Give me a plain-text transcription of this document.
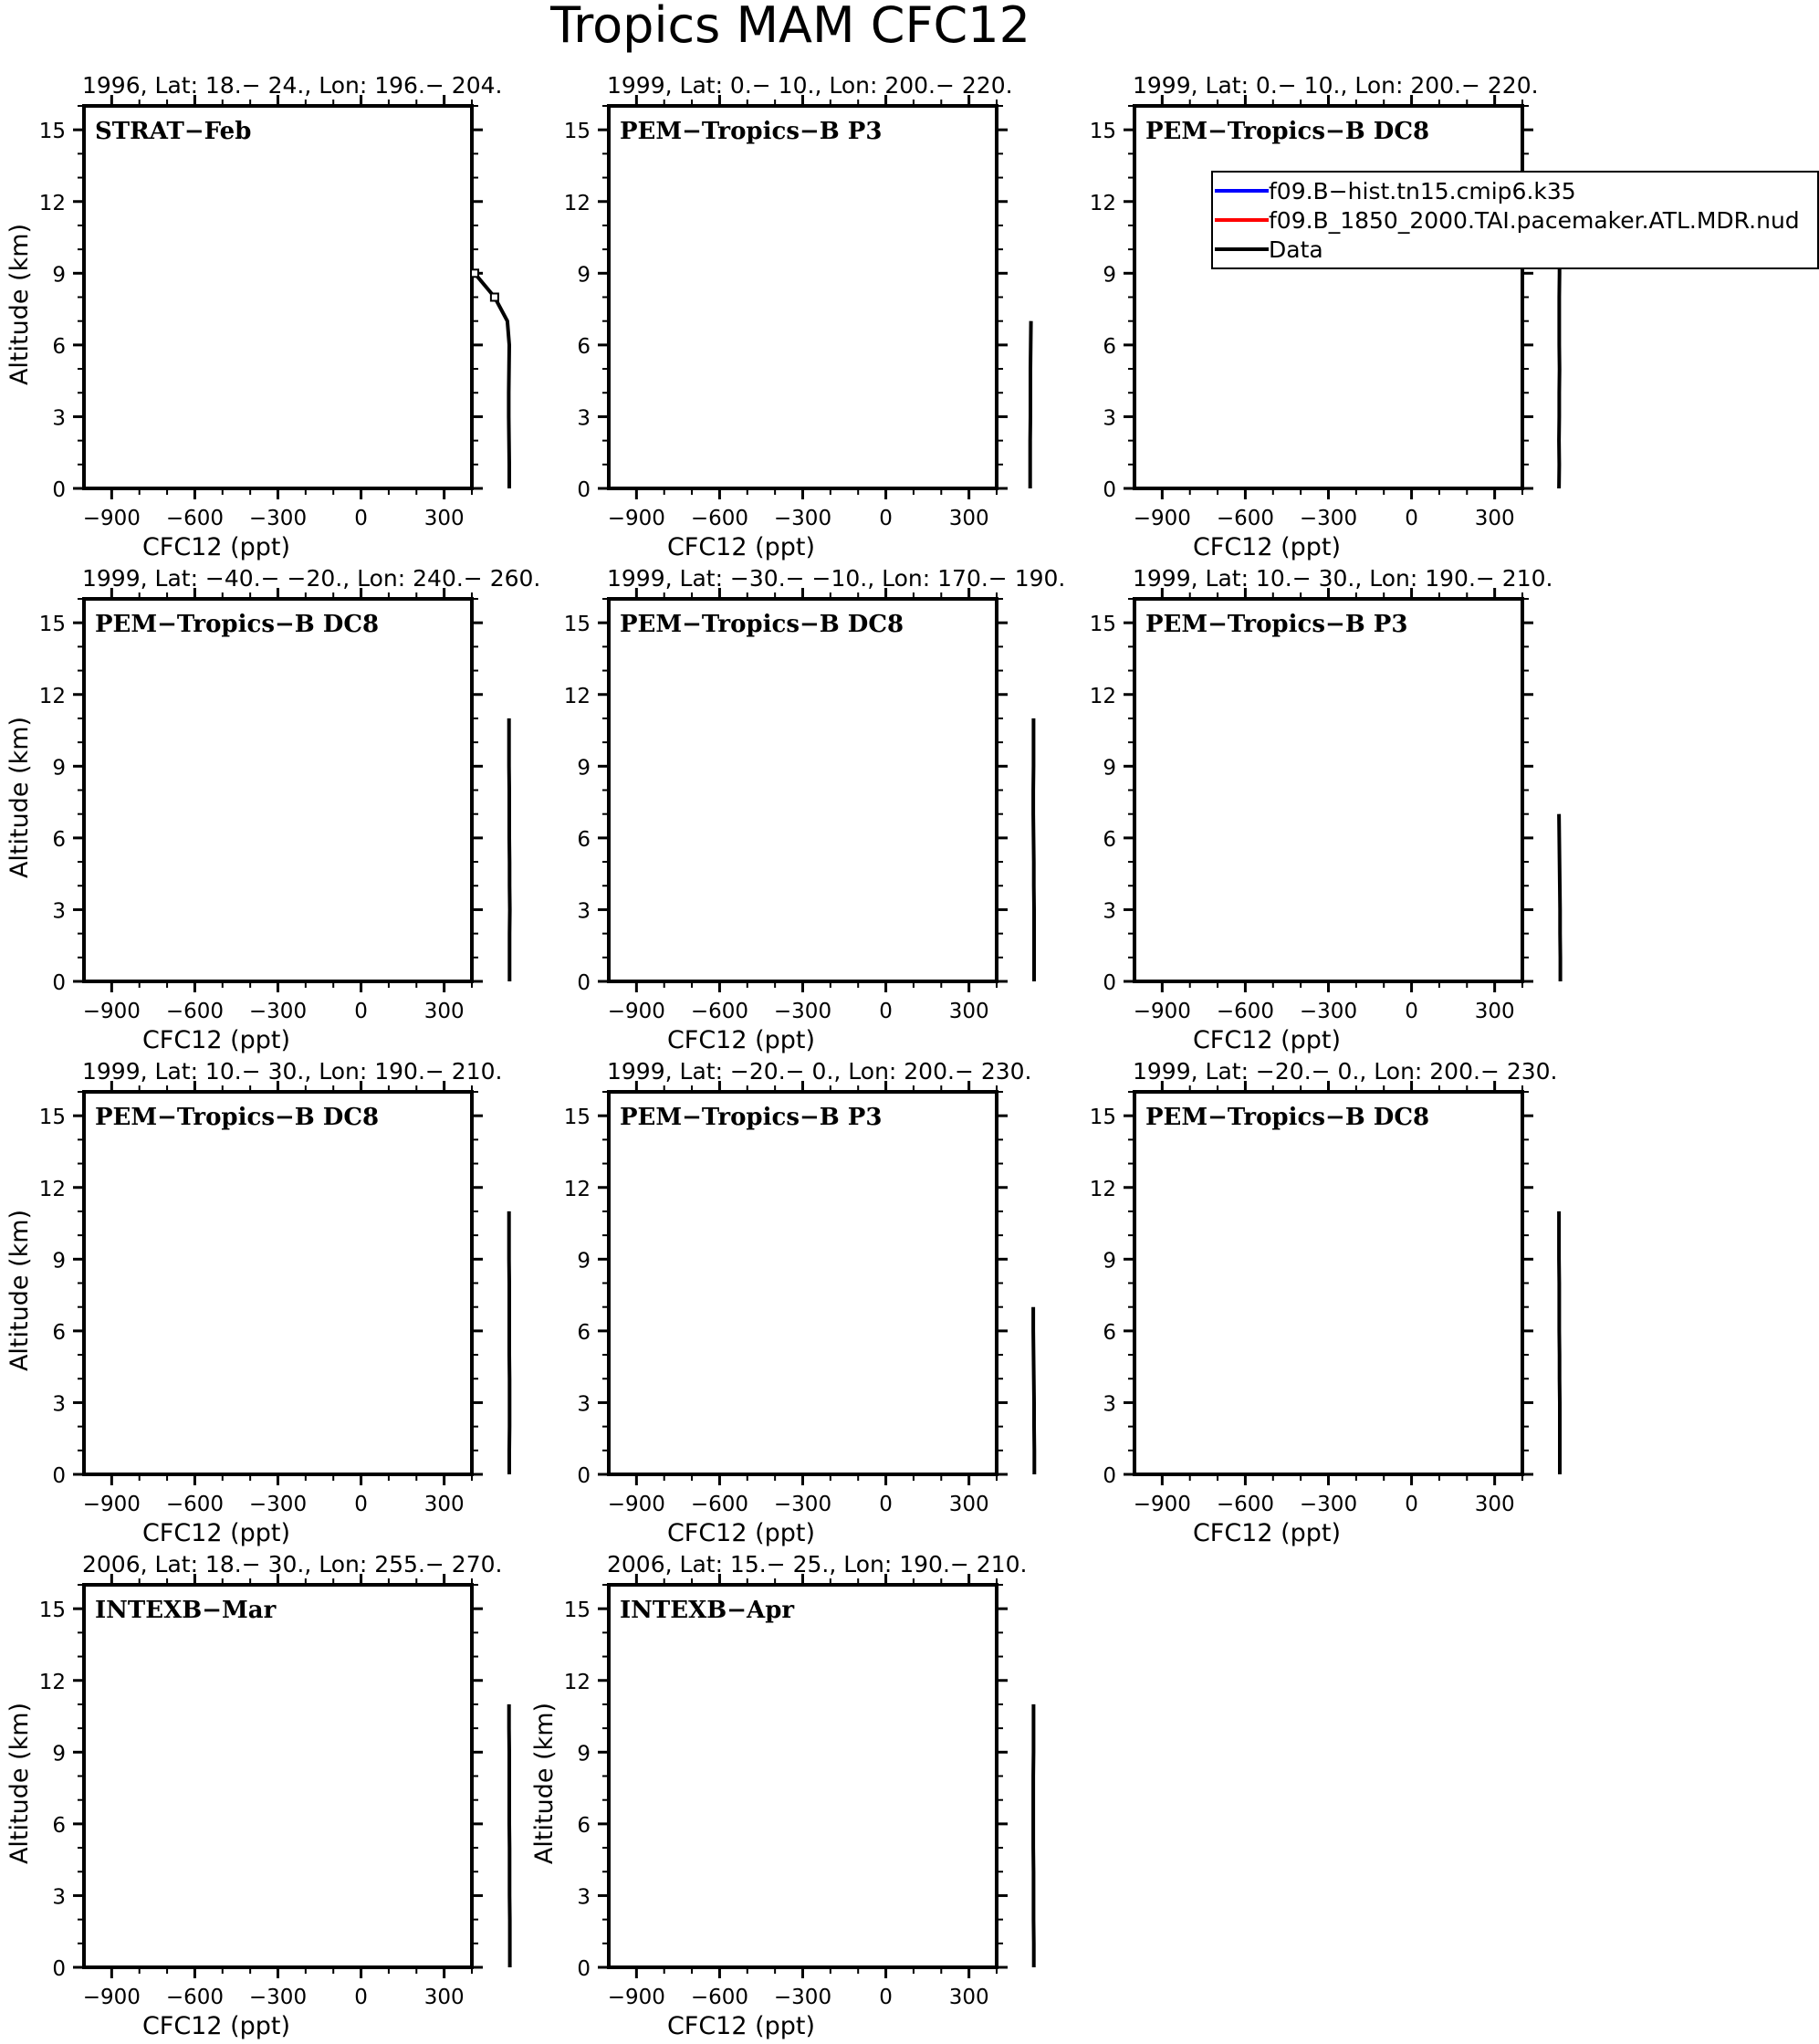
Tropics MAM CFC12
1996, Lat: 18.− 24., Lon: 196.− 204.
0
3
6
9
12
15
−900 −600 −300 0	300
CFC12 (ppt)
Altitude (km)
STRAT−Feb
1999, Lat: 0.− 10., Lon: 200.− 220.
0
3
6
9
12
15
−900 −600 −300 0	300
CFC12 (ppt)
PEM−Tropics−B P3
1999, Lat: 0.− 10., Lon: 200.− 220.
0
3
6
9
12
15
−900 −600 −300 0	300
CFC12 (ppt)
PEM−Tropics−B DC8
1999, Lat: −40.− −20., Lon: 240.− 260.
0
3
6
9
12
15
−900 −600 −300 0	300
CFC12 (ppt)
Altitude (km)
PEM−Tropics−B DC8
1999, Lat: −30.− −10., Lon: 170.− 190.
0
3
6
9
12
15
−900 −600 −300 0	300
CFC12 (ppt)
PEM−Tropics−B DC8
1999, Lat: 10.− 30., Lon: 190.− 210.
0
3
6
9
12
15
−900 −600 −300 0	300
CFC12 (ppt)
PEM−Tropics−B P3
1999, Lat: 10.− 30., Lon: 190.− 210.
0
3
6
9
12
15
−900 −600 −300 0	300
CFC12 (ppt)
Altitude (km)
PEM−Tropics−B DC8
1999, Lat: −20.− 0., Lon: 200.− 230.
0
3
6
9
12
15
−900 −600 −300 0	300
CFC12 (ppt)
PEM−Tropics−B P3
1999, Lat: −20.− 0., Lon: 200.− 230.
0
3
6
9
12
15
−900 −600 −300 0	300
CFC12 (ppt)
PEM−Tropics−B DC8
2006, Lat: 18.− 30., Lon: 255.− 270.
0
3
6
9
12
15
−900 −600 −300 0	300
CFC12 (ppt)
Altitude (km)
INTEXB−Mar
2006, Lat: 15.− 25., Lon: 190.− 210.
0
3
6
9
12
15
−900 −600 −300 0	300
CFC12 (ppt)
Altitude (km)
INTEXB−Apr
f09.B−hist.tn15.cmip6.k35
f09.B_1850_2000.TAI.pacemaker.ATL.MDR.nud
Data
